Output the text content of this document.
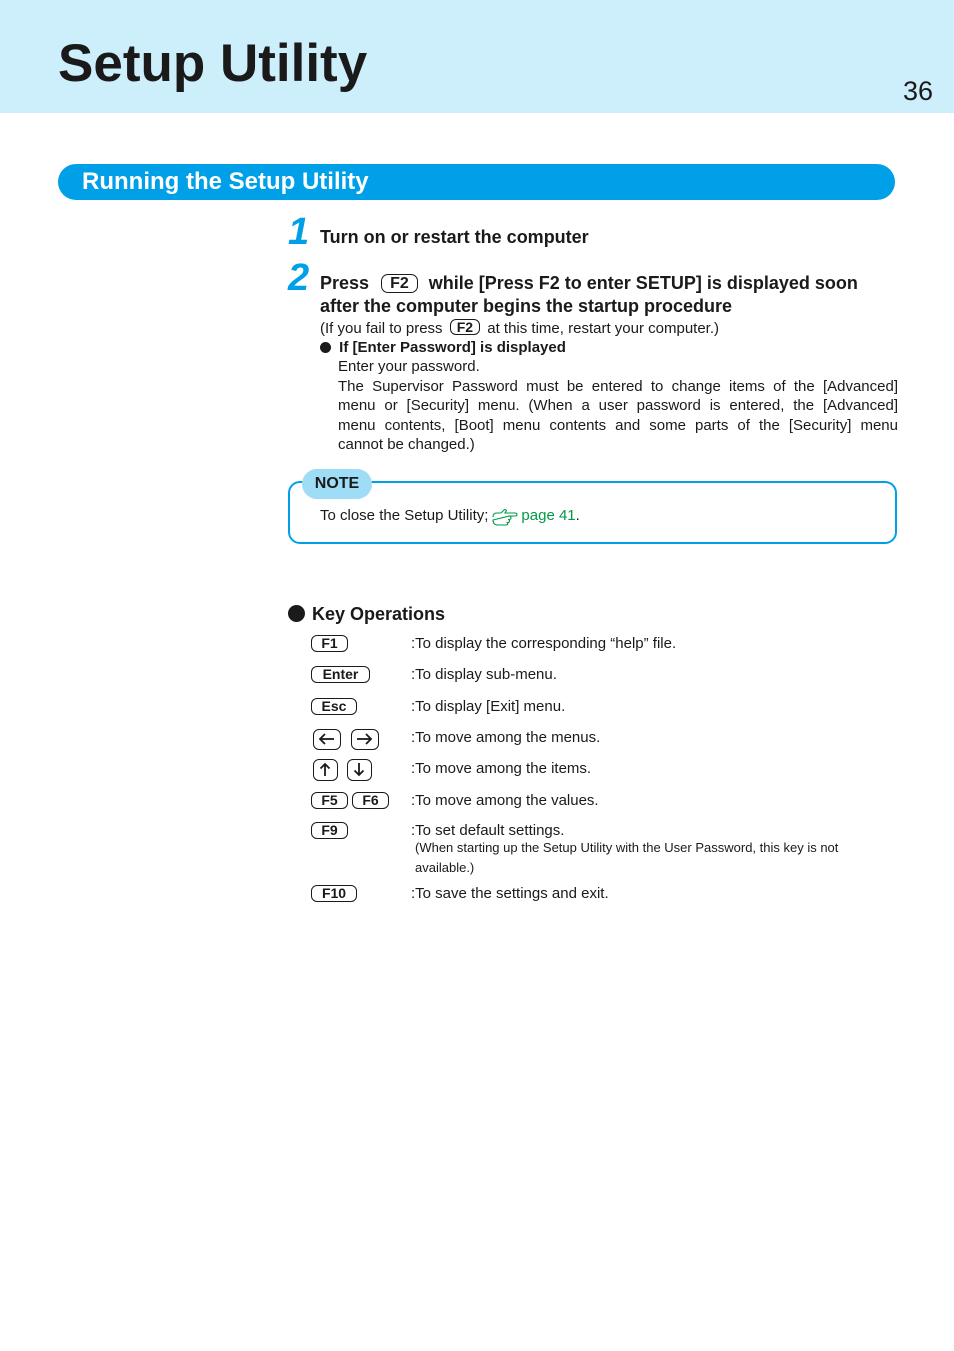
Setup Utility	36
Running the Setup Utility
1 Turn on or restart the computer
2 Press F2 while [Press F2 to enter SETUP] is displayed soon
after the computer begins the startup procedure
(If you fail to press F2 at this time, restart your computer.)
If [Enter Password] is displayed
Enter your password.
The Supervisor Password must be entered to change items of the [Advanced]
menu or [Security] menu. (When a user password is entered, the [Advanced]
menu contents, [Boot] menu contents and some parts of the [Security] menu
cannot be changed.)
NOTE
To close the Setup Utility; page 41.
Key Operations
F1	:To display the corresponding “help” file.
Enter	:To display sub-menu.
Esc	:To display [Exit] menu.
:To move among the menus.
:To move among the items.
F5	F6	:To move among the values.
F9	:To set default settings.
(When starting up the Setup Utility with the User Password, this key is not
available.)
F10	:To save the settings and exit.
